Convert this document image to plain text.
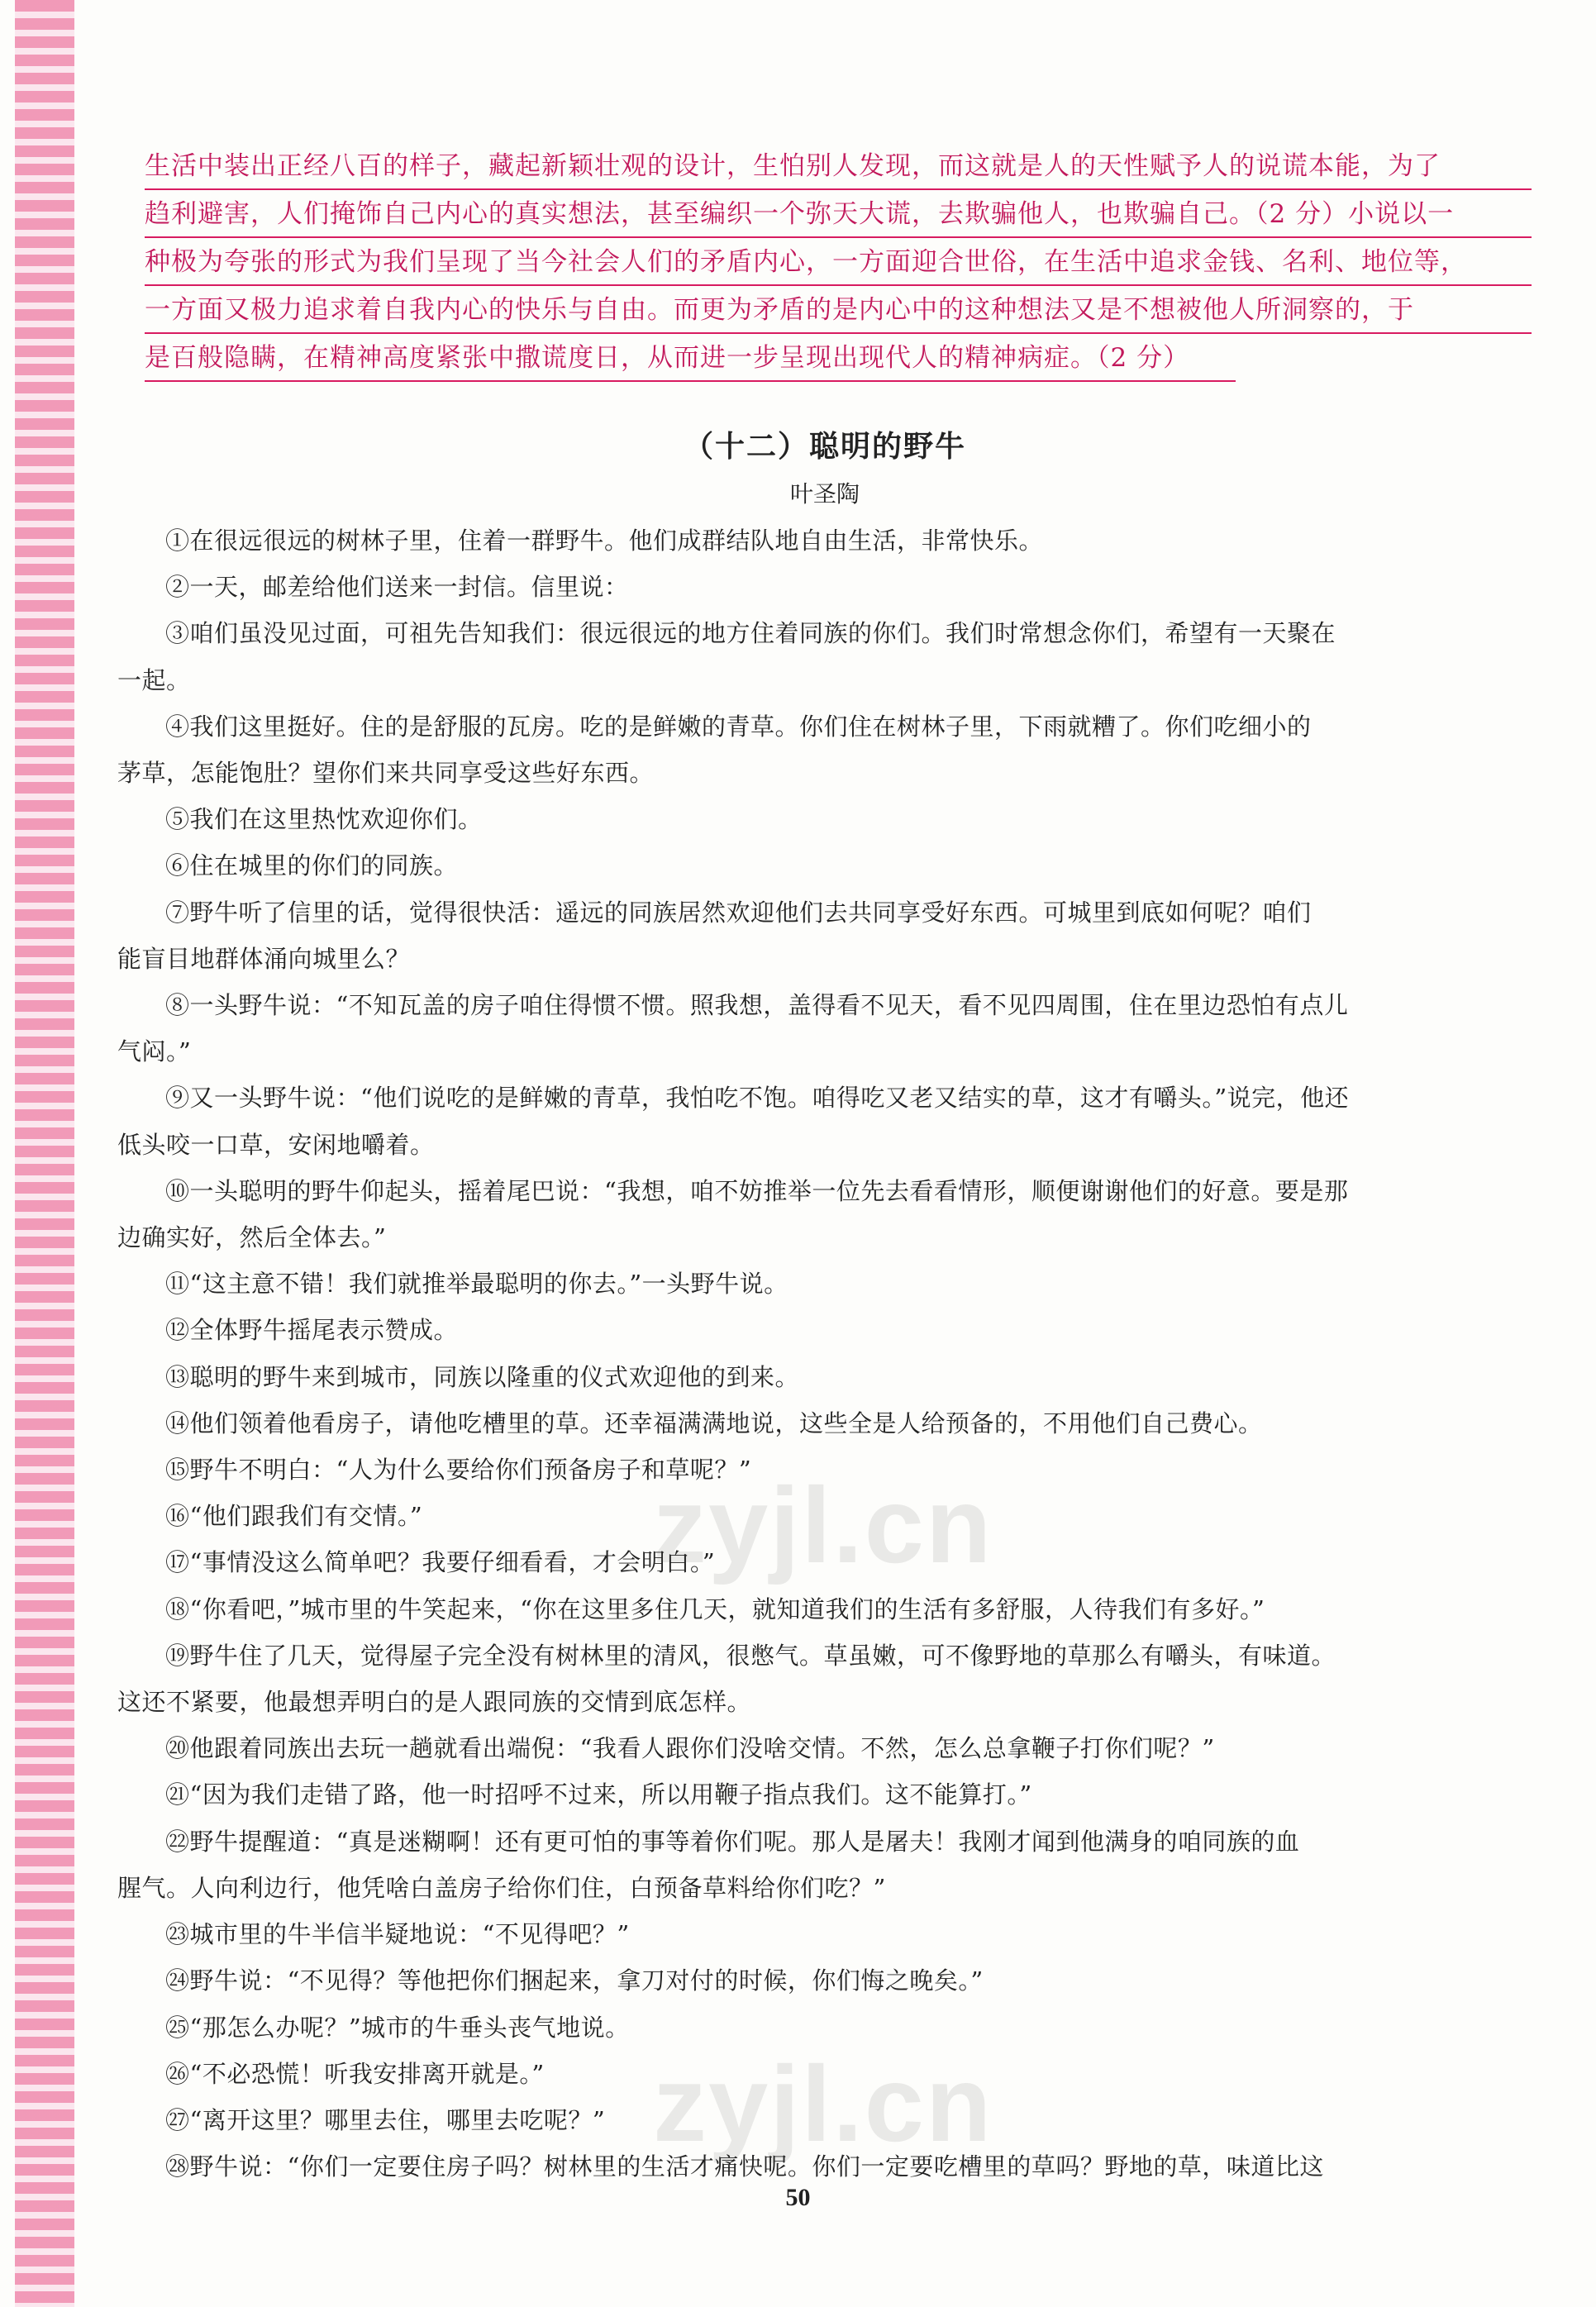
生活中装出正经八百的样子，藏起新颖壮观的设计，生怕别人发现，而这就是人的天性赋予人的说谎本能，为了
趋利避害，人们掩饰自己内心的真实想法，甚至编织一个弥天大谎，去欺骗他人，也欺骗自己。（2 分）小说以一
种极为夸张的形式为我们呈现了当今社会人们的矛盾内心，一方面迎合世俗，在生活中追求金钱、名利、地位等，
一方面又极力追求着自我内心的快乐与自由。而更为矛盾的是内心中的这种想法又是不想被他人所洞察的，于
是百般隐瞒，在精神高度紧张中撒谎度日，从而进一步呈现出现代人的精神病症。（2 分）
（十二）聪明的野牛
叶圣陶
①在很远很远的树林子里，住着一群野牛。他们成群结队地自由生活，非常快乐。
②一天，邮差给他们送来一封信。信里说：
③咱们虽没见过面，可祖先告知我们：很远很远的地方住着同族的你们。我们时常想念你们，希望有一天聚在
一起。
④我们这里挺好。住的是舒服的瓦房。吃的是鲜嫩的青草。你们住在树林子里，下雨就糟了。你们吃细小的
茅草，怎能饱肚？望你们来共同享受这些好东西。
⑤我们在这里热忱欢迎你们。
⑥住在城里的你们的同族。
⑦野牛听了信里的话，觉得很快活：遥远的同族居然欢迎他们去共同享受好东西。可城里到底如何呢？咱们
能盲目地群体涌向城里么？
⑧一头野牛说：“不知瓦盖的房子咱住得惯不惯。照我想，盖得看不见天，看不见四周围，住在里边恐怕有点儿
气闷。”
⑨又一头野牛说：“他们说吃的是鲜嫩的青草，我怕吃不饱。咱得吃又老又结实的草，这才有嚼头。”说完，他还
低头咬一口草，安闲地嚼着。
⑩一头聪明的野牛仰起头，摇着尾巴说：“我想，咱不妨推举一位先去看看情形，顺便谢谢他们的好意。要是那
边确实好，然后全体去。”
⑪“这主意不错！我们就推举最聪明的你去。”一头野牛说。
⑫全体野牛摇尾表示赞成。
⑬聪明的野牛来到城市，同族以隆重的仪式欢迎他的到来。
⑭他们领着他看房子，请他吃槽里的草。还幸福满满地说，这些全是人给预备的，不用他们自己费心。
⑮野牛不明白：“人为什么要给你们预备房子和草呢？”
⑯“他们跟我们有交情。”
⑰“事情没这么简单吧？我要仔细看看，才会明白。”
⑱“你看吧，”城市里的牛笑起来，“你在这里多住几天，就知道我们的生活有多舒服，人待我们有多好。”
⑲野牛住了几天，觉得屋子完全没有树林里的清风，很憋气。草虽嫩，可不像野地的草那么有嚼头，有味道。
这还不紧要，他最想弄明白的是人跟同族的交情到底怎样。
⑳他跟着同族出去玩一趟就看出端倪：“我看人跟你们没啥交情。不然，怎么总拿鞭子打你们呢？”
㉑“因为我们走错了路，他一时招呼不过来，所以用鞭子指点我们。这不能算打。”
㉒野牛提醒道：“真是迷糊啊！还有更可怕的事等着你们呢。那人是屠夫！我刚才闻到他满身的咱同族的血
腥气。人向利边行，他凭啥白盖房子给你们住，白预备草料给你们吃？”
㉓城市里的牛半信半疑地说：“不见得吧？”
㉔野牛说：“不见得？等他把你们捆起来，拿刀对付的时候，你们悔之晚矣。”
㉕“那怎么办呢？”城市的牛垂头丧气地说。
㉖“不必恐慌！听我安排离开就是。”
㉗“离开这里？哪里去住，哪里去吃呢？”
㉘野牛说：“你们一定要住房子吗？树林里的生活才痛快呢。你们一定要吃槽里的草吗？野地的草，味道比这
zyjl.cn
zyjl.cn
50
